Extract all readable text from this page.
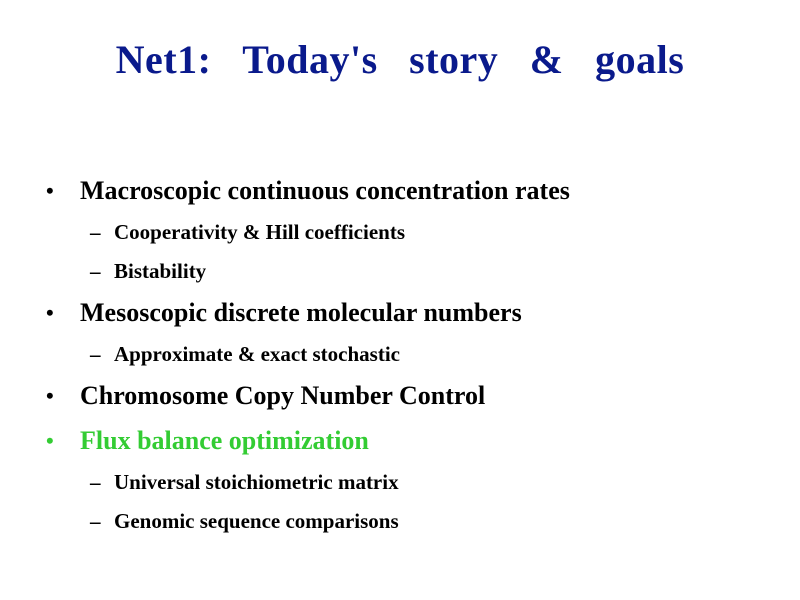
Net1:   Today's   story   &   goals
• Macroscopic continuous concentration rates
– Cooperativity & Hill coefficients
– Bistability
• Mesoscopic discrete molecular numbers
– Approximate & exact stochastic
• Chromosome Copy Number Control
• Flux balance optimization
– Universal stoichiometric matrix
– Genomic sequence comparisons
